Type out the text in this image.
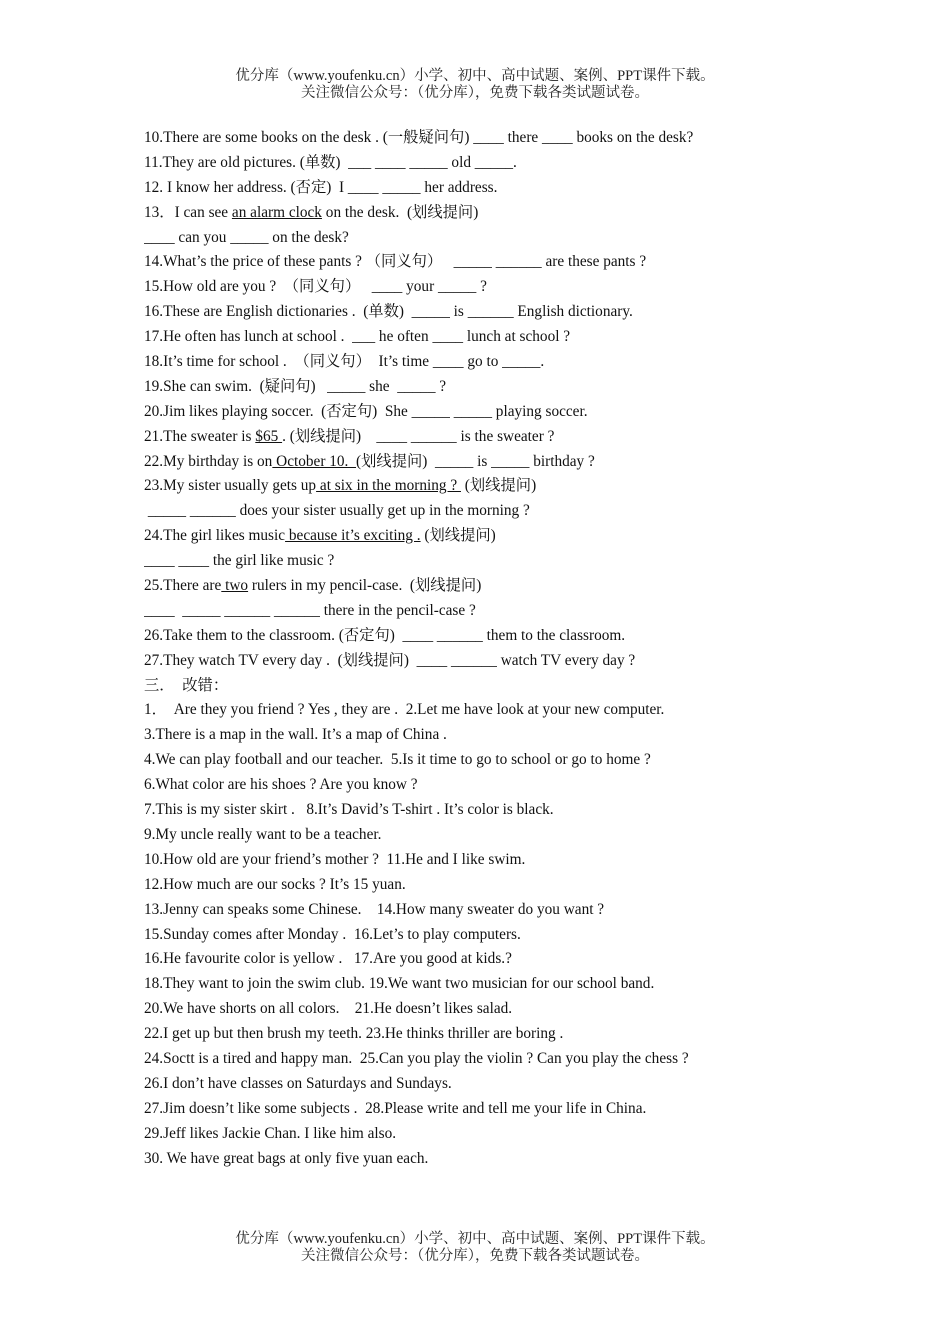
优分库（www.youfenku.cn）小学、初中、高中试题、案例、PPT课件下载。
关注微信公众号：（优分库），免费下载各类试题试卷。
10.There are some books on the desk . (一般疑问句) ____ there ____ books on the desk?
11.They are old pictures. (单数)  ___ ____ _____ old _____.
12. I know her address. (否定)  I ____ _____ her address.
13．I can see an alarm clock on the desk.  (划线提问)
____ can you _____ on the desk?
14.What’s the price of these pants ? （同义句）   _____ ______ are these pants ?
15.How old are you ?  （同义句）   ____ your _____ ?
16.These are English dictionaries .  (单数)  _____ is ______ English dictionary.
17.He often has lunch at school .  ___ he often ____ lunch at school ?
18.It’s time for school .  （同义句）  It’s time ____ go to _____.
19.She can swim.  (疑问句)   _____ she  _____ ?
20.Jim likes playing soccer.  (否定句)  She _____ _____ playing soccer.
21.The sweater is $65 . (划线提问)    ____ ______ is the sweater ?
22.My birthday is on October 10.  (划线提问)  _____ is _____ birthday ?
23.My sister usually gets up at six in the morning ?  (划线提问)
_____ ______ does your sister usually get up in the morning ?
24.The girl likes music because it’s exciting . (划线提问)
____ ____ the girl like music ?
25.There are two rulers in my pencil-case.  (划线提问)
____  _____ ______ ______ there in the pencil-case ?
26.Take them to the classroom. (否定句)  ____ ______ them to the classroom.
27.They watch TV every day .  (划线提问)  ____ ______ watch TV every day ?
三．  改错：
1．  Are they you friend ? Yes , they are .  2.Let me have look at your new computer.
3.There is a map in the wall. It’s a map of China .
4.We can play football and our teacher.  5.Is it time to go to school or go to home ?
6.What color are his shoes ? Are you know ?
7.This is my sister skirt .   8.It’s David’s T-shirt . It’s color is black.
9.My uncle really want to be a teacher.
10.How old are your friend’s mother ?  11.He and I like swim.
12.How much are our socks ? It’s 15 yuan.
13.Jenny can speaks some Chinese.    14.How many sweater do you want ?
15.Sunday comes after Monday .  16.Let’s to play computers.
16.He favourite color is yellow .   17.Are you good at kids.?
18.They want to join the swim club. 19.We want two musician for our school band.
20.We have shorts on all colors.    21.He doesn’t likes salad.
22.I get up but then brush my teeth. 23.He thinks thriller are boring .
24.Soctt is a tired and happy man.  25.Can you play the violin ? Can you play the chess ?
26.I don’t have classes on Saturdays and Sundays.
27.Jim doesn’t like some subjects .  28.Please write and tell me your life in China.
29.Jeff likes Jackie Chan. I like him also.
30. We have great bags at only five yuan each.
优分库（www.youfenku.cn）小学、初中、高中试题、案例、PPT课件下载。
关注微信公众号：（优分库），免费下载各类试题试卷。
